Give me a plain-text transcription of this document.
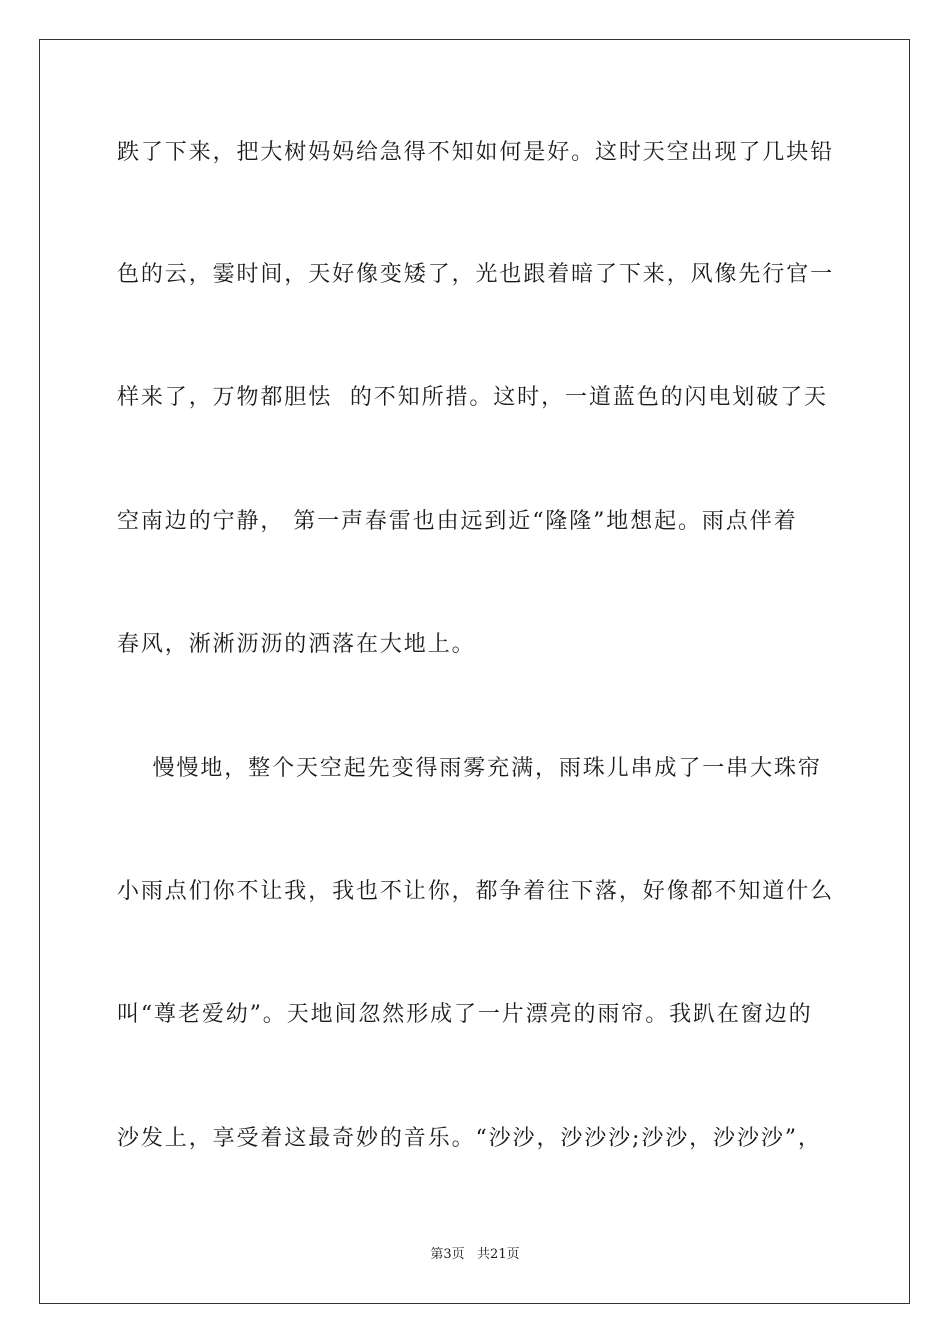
跌了下来，把大树妈妈给急得不知如何是好。这时天空出现了几块铅
色的云，霎时间，天好像变矮了，光也跟着暗了下来，风像先行官一
样来了，万物都胆怯  的不知所措。这时，一道蓝色的闪电划破了天
空南边的宁静， 第一声春雷也由远到近“隆隆”地想起。雨点伴着
春风，淅淅沥沥的洒落在大地上。
慢慢地，整个天空起先变得雨雾充满，雨珠儿串成了一串大珠帘
小雨点们你不让我，我也不让你，都争着往下落，好像都不知道什么
叫“尊老爱幼”。天地间忽然形成了一片漂亮的雨帘。我趴在窗边的
沙发上，享受着这最奇妙的音乐。“沙沙，沙沙沙;沙沙，沙沙沙”，
第3页   共21页
